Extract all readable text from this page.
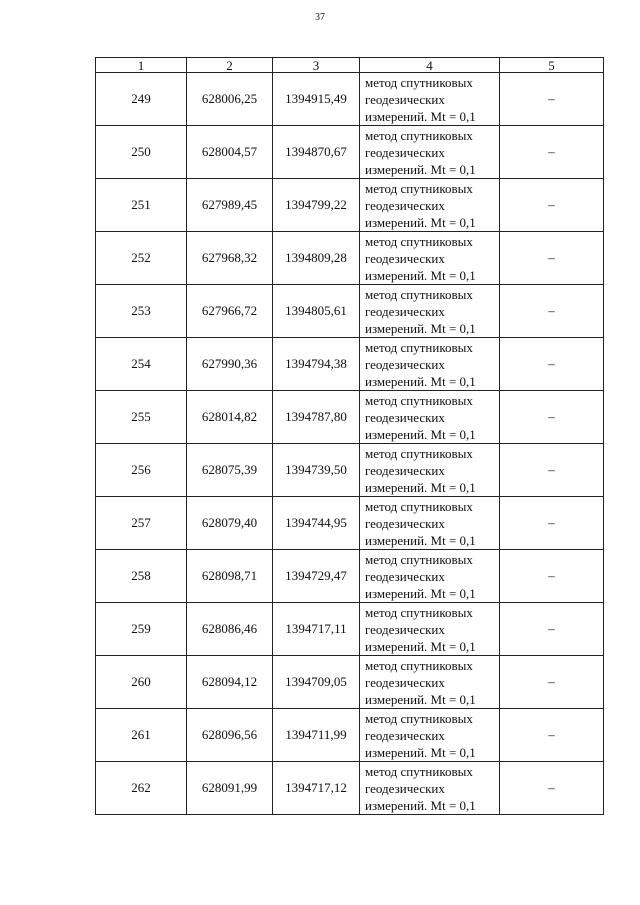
37
1	2	3	4	5
249	628006,25	1394915,49	метод спутниковых
геодезических
измерений. Mt = 0,1	–
250	628004,57	1394870,67	метод спутниковых
геодезических
измерений. Mt = 0,1	–
251	627989,45	1394799,22	метод спутниковых
геодезических
измерений. Mt = 0,1	–
252	627968,32	1394809,28	метод спутниковых
геодезических
измерений. Mt = 0,1	–
253	627966,72	1394805,61	метод спутниковых
геодезических
измерений. Mt = 0,1	–
254	627990,36	1394794,38	метод спутниковых
геодезических
измерений. Mt = 0,1	–
255	628014,82	1394787,80	метод спутниковых
геодезических
измерений. Mt = 0,1	–
256	628075,39	1394739,50	метод спутниковых
геодезических
измерений. Mt = 0,1	–
257	628079,40	1394744,95	метод спутниковых
геодезических
измерений. Mt = 0,1	–
258	628098,71	1394729,47	метод спутниковых
геодезических
измерений. Mt = 0,1	–
259	628086,46	1394717,11	метод спутниковых
геодезических
измерений. Mt = 0,1	–
260	628094,12	1394709,05	метод спутниковых
геодезических
измерений. Mt = 0,1	–
261	628096,56	1394711,99	метод спутниковых
геодезических
измерений. Mt = 0,1	–
262	628091,99	1394717,12	метод спутниковых
геодезических
измерений. Mt = 0,1	–
